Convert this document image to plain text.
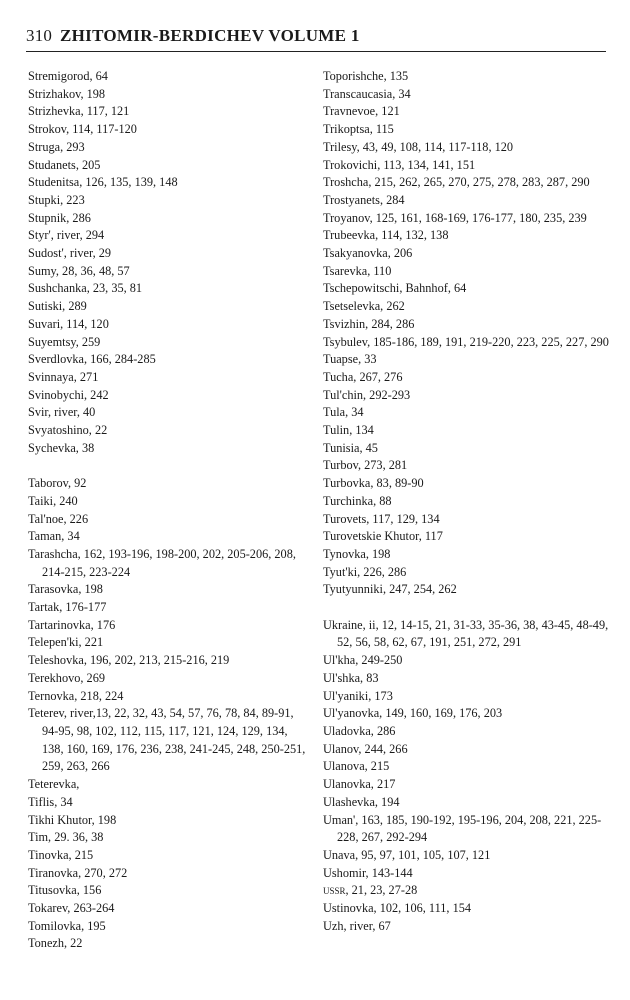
310 ZHITOMIR-BERDICHEV VOLUME 1
Stremigorod, 64
Strizhakov, 198
Strizhevka, 117, 121
Strokov, 114, 117-120
Struga, 293
Studanets, 205
Studenitsa, 126, 135, 139, 148
Stupki, 223
Stupnik, 286
Styr', river, 294
Sudost', river, 29
Sumy, 28, 36, 48, 57
Sushchanka, 23, 35, 81
Sutiski, 289
Suvari, 114, 120
Suyemtsy, 259
Sverdlovka, 166, 284-285
Svinnaya, 271
Svinobychi, 242
Svir, river, 40
Svyatoshino, 22
Sychevka, 38
Taborov, 92
Taiki, 240
Tal'noe, 226
Taman, 34
Tarashcha, 162, 193-196, 198-200, 202, 205-206, 208, 214-215, 223-224
Tarasovka, 198
Tartak, 176-177
Tartarinovka, 176
Telepen'ki, 221
Teleshovka, 196, 202, 213, 215-216, 219
Terekhovo, 269
Ternovka, 218, 224
Teterev, river,13, 22, 32, 43, 54, 57, 76, 78, 84, 89-91, 94-95, 98, 102, 112, 115, 117, 121, 124, 129, 134, 138, 160, 169, 176, 236, 238, 241-245, 248, 250-251, 259, 263, 266
Teterevka,
Tiflis, 34
Tikhi Khutor, 198
Tim, 29. 36, 38
Tinovka, 215
Tiranovka, 270, 272
Titusovka, 156
Tokarev, 263-264
Tomilovka, 195
Tonezh, 22
Toporishche, 135
Transcaucasia, 34
Travnevoe, 121
Trikoptsa, 115
Trilesy, 43, 49, 108, 114, 117-118, 120
Trokovichi, 113, 134, 141, 151
Troshcha, 215, 262, 265, 270, 275, 278, 283, 287, 290
Trostyanets, 284
Troyanov, 125, 161, 168-169, 176-177, 180, 235, 239
Trubeevka, 114, 132, 138
Tsakyanovka, 206
Tsarevka, 110
Tschepowitschi, Bahnhof, 64
Tsetselevka, 262
Tsvizhin, 284, 286
Tsybulev, 185-186, 189, 191, 219-220, 223, 225, 227, 290
Tuapse, 33
Tucha, 267, 276
Tul'chin, 292-293
Tula, 34
Tulin, 134
Tunisia, 45
Turbov, 273, 281
Turbovka, 83, 89-90
Turchinka, 88
Turovets, 117, 129, 134
Turovetskie Khutor, 117
Tynovka, 198
Tyut'ki, 226, 286
Tyutyunniki, 247, 254, 262
Ukraine, ii, 12, 14-15, 21, 31-33, 35-36, 38, 43-45, 48-49, 52, 56, 58, 62, 67, 191, 251, 272, 291
Ul'kha, 249-250
Ul'shka, 83
Ul'yaniki, 173
Ul'yanovka, 149, 160, 169, 176, 203
Uladovka, 286
Ulanov, 244, 266
Ulanova, 215
Ulanovka, 217
Ulashevka, 194
Uman', 163, 185, 190-192, 195-196, 204, 208, 221, 225-228, 267, 292-294
Unava, 95, 97, 101, 105, 107, 121
Ushomir, 143-144
ussr, 21, 23, 27-28
Ustinovka, 102, 106, 111, 154
Uzh, river, 67
